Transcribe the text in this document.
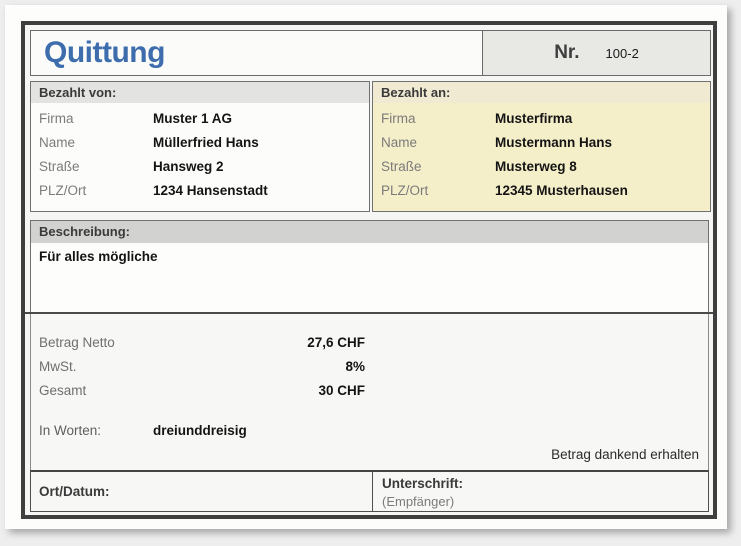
Quittung	Nr. 100-2
Bezahlt von:
Firma	Muster 1 AG
Name	Müllerfried Hans
Straße	Hansweg 2
PLZ/Ort	1234 Hansenstadt
Bezahlt an:
Firma	Musterfirma
Name	Mustermann Hans
Straße	Musterweg 8
PLZ/Ort	12345 Musterhausen
Beschreibung:
Für alles mögliche
Betrag Netto	27,6 CHF
MwSt.	8%
Gesamt	30 CHF
In Worten:	dreiunddreisig
Betrag dankend erhalten
Ort/Datum:
Unterschrift:
(Empfänger)
